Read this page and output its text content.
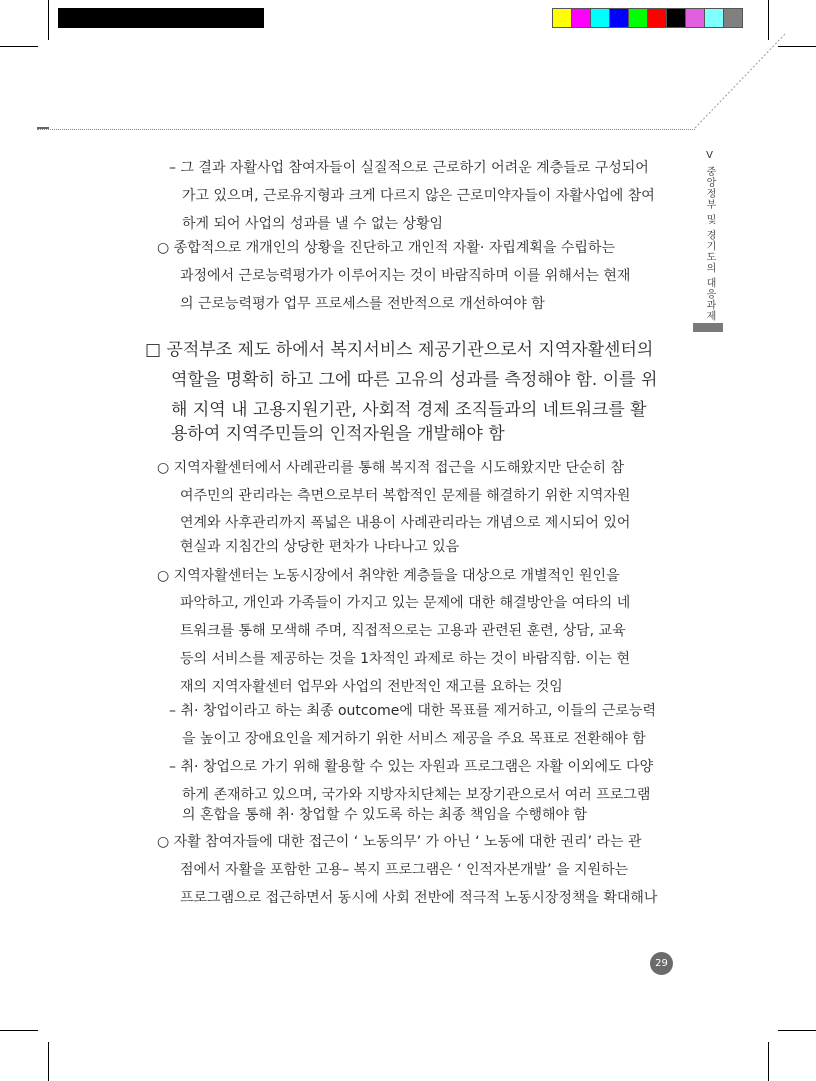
Ⅴ 중앙정부 및 경기도의 대응과제
– 그 결과 자활사업 참여자들이 실질적으로 근로하기 어려운 계층들로 구성되어
가고 있으며, 근로유지형과 크게 다르지 않은 근로미약자들이 자활사업에 참여
하게 되어 사업의 성과를 낼 수 없는 상황임
○ 종합적으로 개개인의 상황을 진단하고 개인적 자활· 자립계획을 수립하는
과정에서 근로능력평가가 이루어지는 것이 바람직하며 이를 위해서는 현재
의 근로능력평가 업무 프로세스를 전반적으로 개선하여야 함
□ 공적부조 제도 하에서 복지서비스 제공기관으로서 지역자활센터의
역할을 명확히 하고 그에 따른 고유의 성과를 측정해야 함. 이를 위
해 지역 내 고용지원기관, 사회적 경제 조직들과의 네트워크를 활
용하여 지역주민들의 인적자원을 개발해야 함
○ 지역자활센터에서 사례관리를 통해 복지적 접근을 시도해왔지만 단순히 참
여주민의 관리라는 측면으로부터 복합적인 문제를 해결하기 위한 지역자원
연계와 사후관리까지 폭넓은 내용이 사례관리라는 개념으로 제시되어 있어
현실과 지침간의 상당한 편차가 나타나고 있음
○ 지역자활센터는 노동시장에서 취약한 계층들을 대상으로 개별적인 원인을
파악하고, 개인과 가족들이 가지고 있는 문제에 대한 해결방안을 여타의 네
트워크를 통해 모색해 주며, 직접적으로는 고용과 관련된 훈련, 상담, 교육
등의 서비스를 제공하는 것을 1차적인 과제로 하는 것이 바람직함. 이는 현
재의 지역자활센터 업무와 사업의 전반적인 재고를 요하는 것임
– 취· 창업이라고 하는 최종 outcome에 대한 목표를 제거하고, 이들의 근로능력
을 높이고 장애요인을 제거하기 위한 서비스 제공을 주요 목표로 전환해야 함
– 취· 창업으로 가기 위해 활용할 수 있는 자원과 프로그램은 자활 이외에도 다양
하게 존재하고 있으며, 국가와 지방자치단체는 보장기관으로서 여러 프로그램
의 혼합을 통해 취· 창업할 수 있도록 하는 최종 책임을 수행해야 함
○ 자활 참여자들에 대한 접근이 ‘ 노동의무’ 가 아닌 ‘ 노동에 대한 권리’ 라는 관
점에서 자활을 포함한 고용– 복지 프로그램은 ‘ 인적자본개발’ 을 지원하는
프로그램으로 접근하면서 동시에 사회 전반에 적극적 노동시장정책을 확대해나
29
